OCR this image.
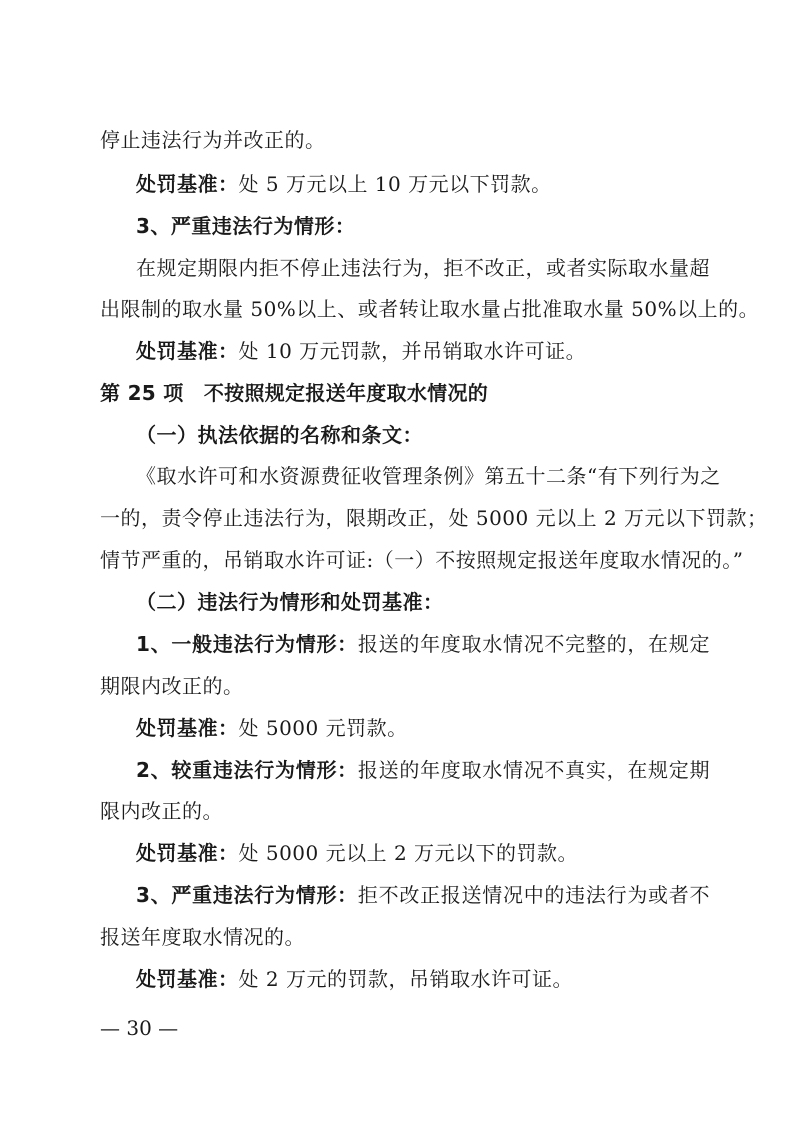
停止违法行为并改正的。
处罚基准：处 5 万元以上 10 万元以下罚款。
3、严重违法行为情形：
在规定期限内拒不停止违法行为，拒不改正，或者实际取水量超
出限制的取水量 50%以上、或者转让取水量占批准取水量 50%以上的。
处罚基准：处 10 万元罚款，并吊销取水许可证。
第 25 项　不按照规定报送年度取水情况的
（一）执法依据的名称和条文：
《取水许可和水资源费征收管理条例》第五十二条“有下列行为之
一的，责令停止违法行为，限期改正，处 5000 元以上 2 万元以下罚款；
情节严重的，吊销取水许可证:（一）不按照规定报送年度取水情况的。”
（二）违法行为情形和处罚基准：
1、一般违法行为情形：报送的年度取水情况不完整的，在规定
期限内改正的。
处罚基准：处 5000 元罚款。
2、较重违法行为情形：报送的年度取水情况不真实，在规定期
限内改正的。
处罚基准：处 5000 元以上 2 万元以下的罚款。
3、严重违法行为情形：拒不改正报送情况中的违法行为或者不
报送年度取水情况的。
处罚基准：处 2 万元的罚款，吊销取水许可证。
— 30 —
